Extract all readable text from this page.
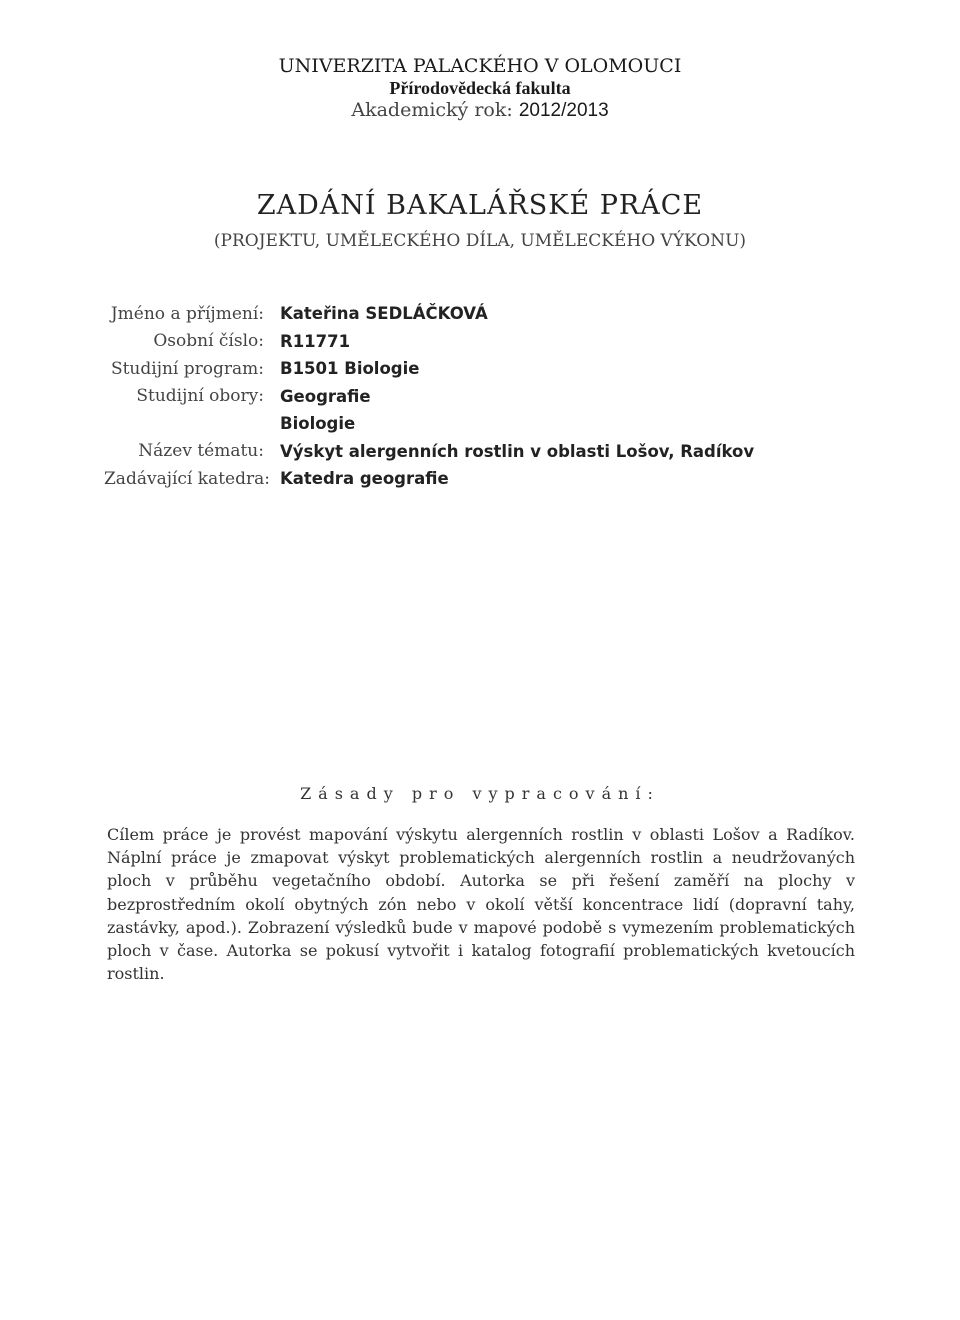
UNIVERZITA PALACKÉHO V OLOMOUCI
Přírodovědecká fakulta
Akademický rok: 2012/2013
ZADÁNÍ BAKALÁŘSKÉ PRÁCE
(PROJEKTU, UMĚLECKÉHO DÍLA, UMĚLECKÉHO VÝKONU)
Jméno a příjmení: Kateřina SEDLÁČKOVÁ
Osobní číslo: R11771
Studijní program: B1501 Biologie
Studijní obory: Geografie
Biologie
Název tématu: Výskyt alergenních rostlin v oblasti Lošov, Radíkov
Zadávající katedra: Katedra geografie
Zásady pro vypracování:
Cílem práce je provést mapování výskytu alergenních rostlin v oblasti Lošov a Radíkov. Náplní práce je zmapovat výskyt problematických alergenních rostlin a neudržovaných ploch v průběhu vegetačního období. Autorka se při řešení zaměří na plochy v bezprostředním okolí obytných zón nebo v okolí větší koncentrace lidí (dopravní tahy, zastávky, apod.). Zobrazení výsledků bude v mapové podobě s vymezením problematických ploch v čase. Autorka se pokusí vytvořit i katalog fotografií problematických kvetoucích rostlin.
